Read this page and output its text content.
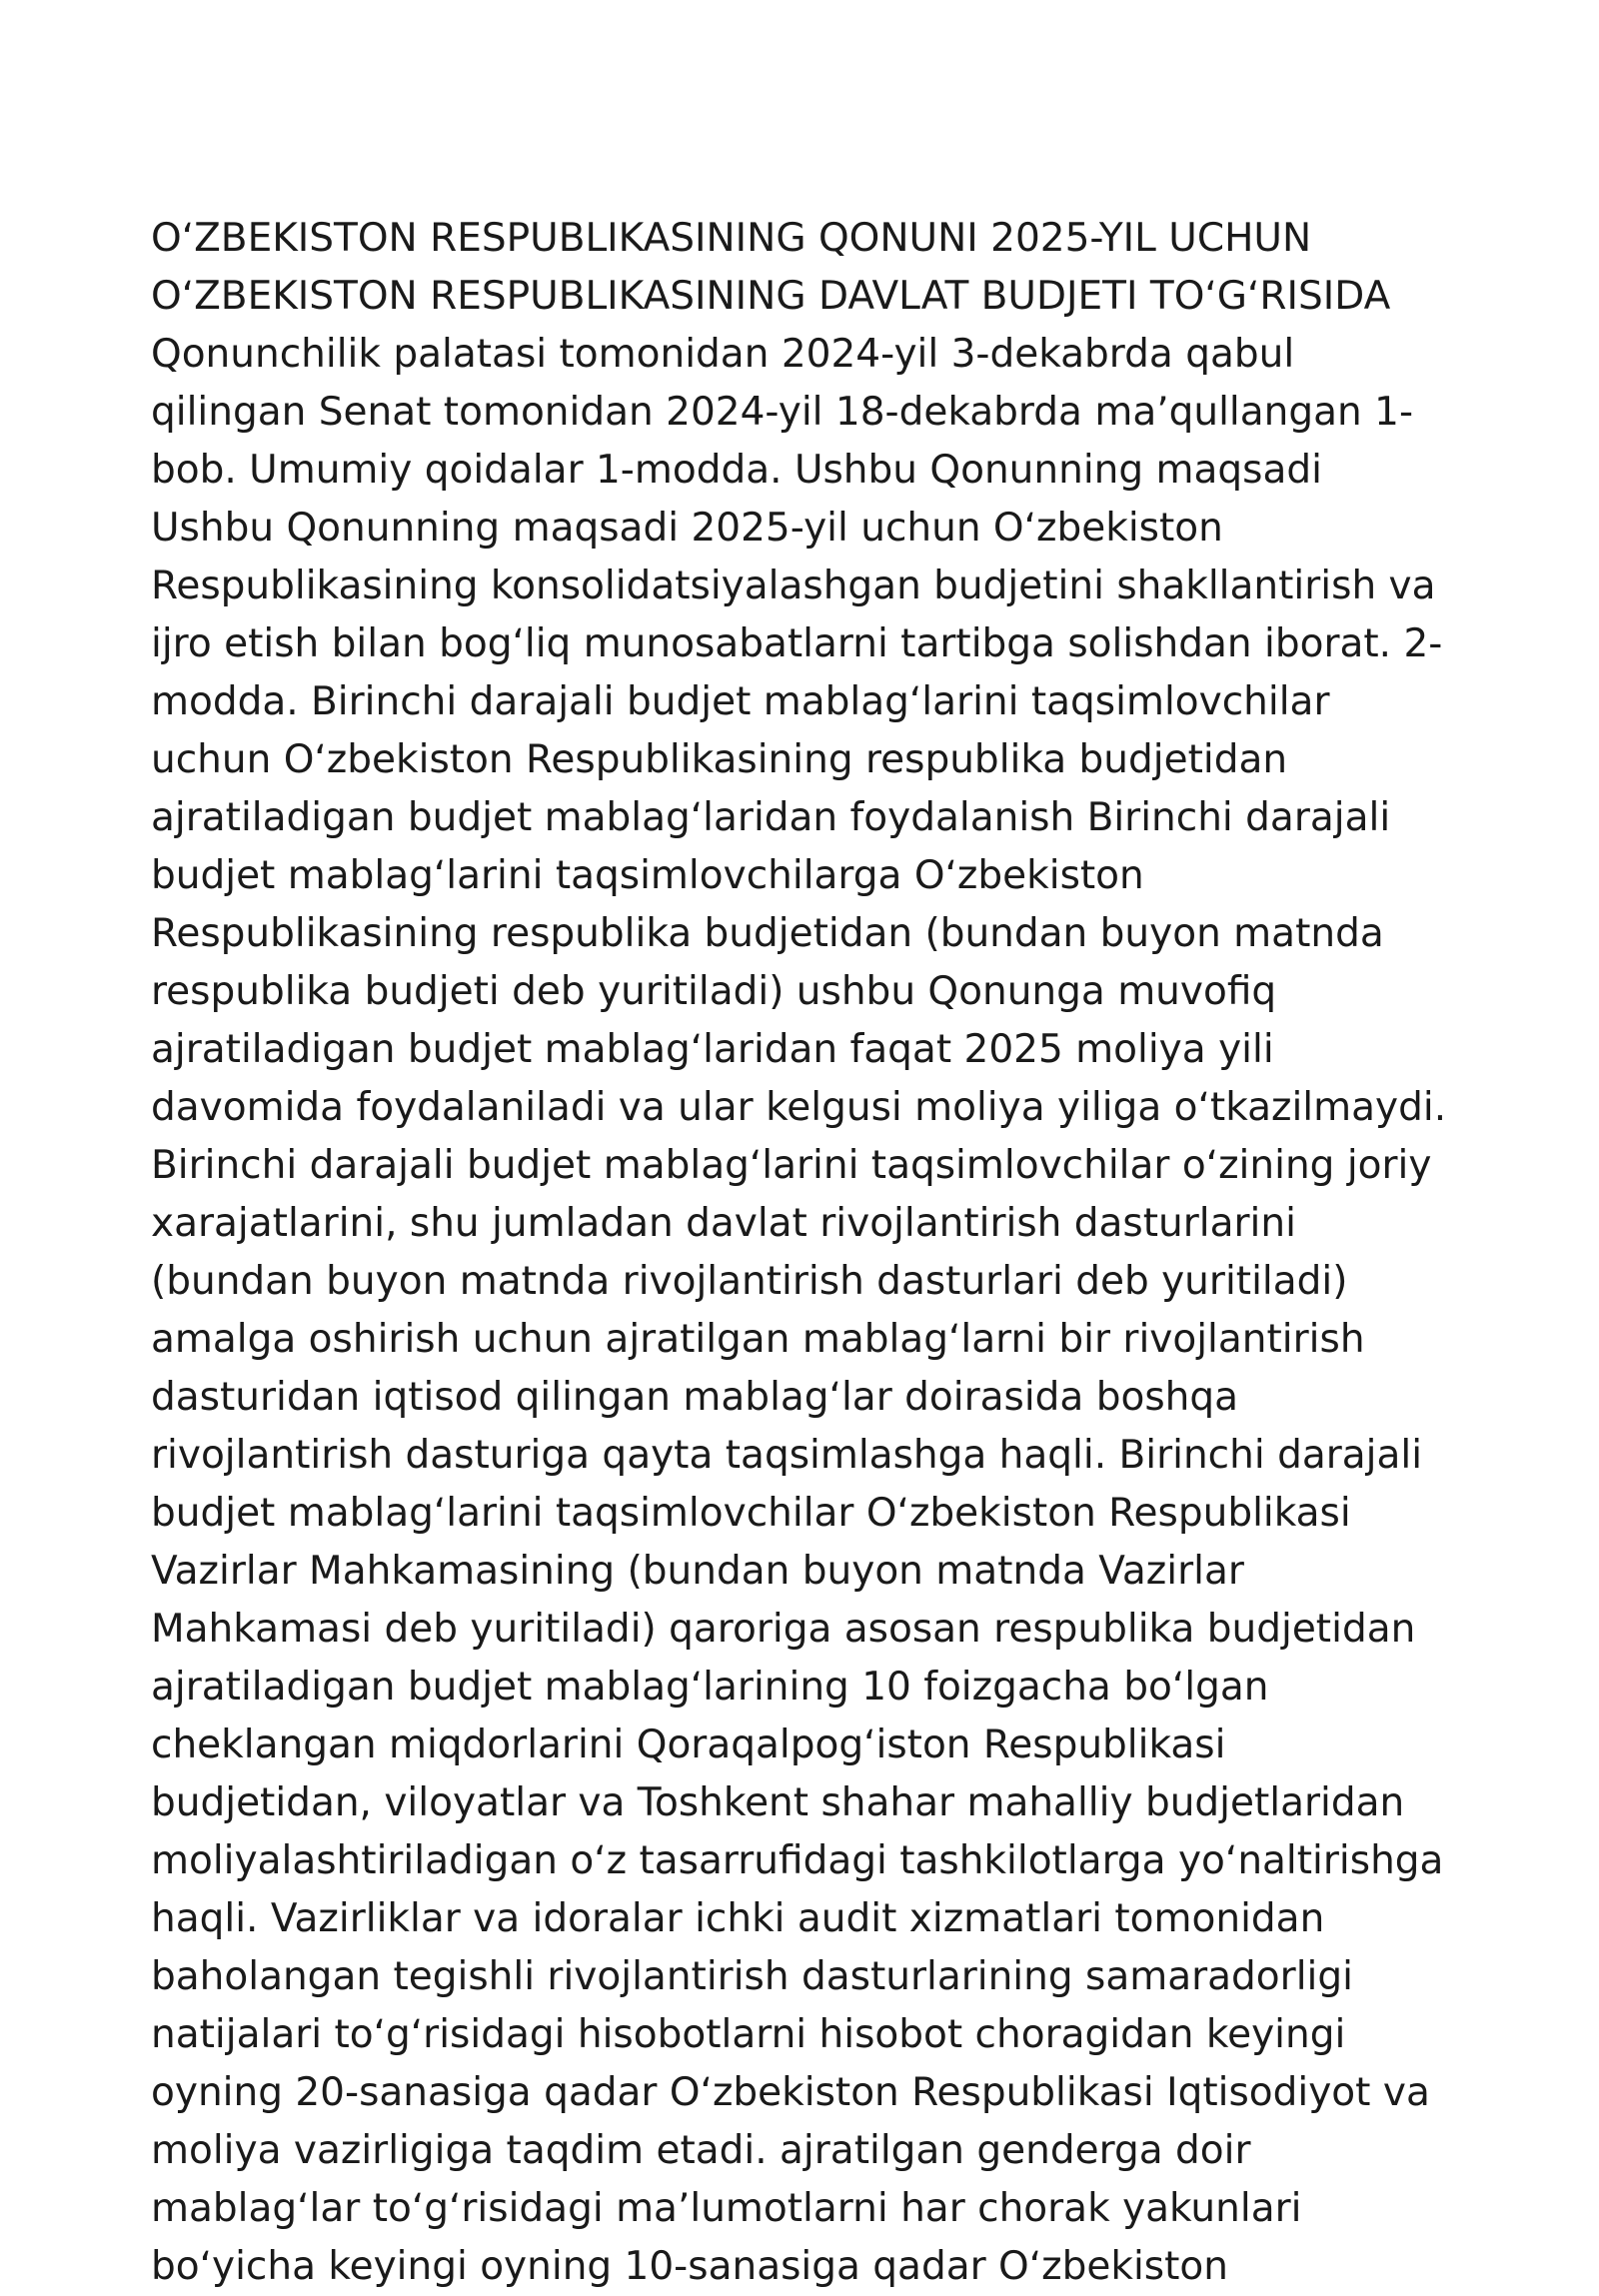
O‘ZBEKISTON RESPUBLIKASINING QONUNI 2025-YIL UCHUN
O‘ZBEKISTON RESPUBLIKASINING DAVLAT BUDJETI TO‘G‘RISIDA
Qonunchilik palatasi tomonidan 2024-yil 3-dekabrda qabul
qilingan Senat tomonidan 2024-yil 18-dekabrda ma’qullangan 1-
bob. Umumiy qoidalar 1-modda. Ushbu Qonunning maqsadi
Ushbu Qonunning maqsadi 2025-yil uchun O‘zbekiston
Respublikasining konsolidatsiyalashgan budjetini shakllantirish va
ijro etish bilan bog‘liq munosabatlarni tartibga solishdan iborat. 2-
modda. Birinchi darajali budjet mablag‘larini taqsimlovchilar
uchun O‘zbekiston Respublikasining respublika budjetidan
ajratiladigan budjet mablag‘laridan foydalanish Birinchi darajali
budjet mablag‘larini taqsimlovchilarga O‘zbekiston
Respublikasining respublika budjetidan (bundan buyon matnda
respublika budjeti deb yuritiladi) ushbu Qonunga muvofiq
ajratiladigan budjet mablag‘laridan faqat 2025 moliya yili
davomida foydalaniladi va ular kelgusi moliya yiliga o‘tkazilmaydi.
Birinchi darajali budjet mablag‘larini taqsimlovchilar o‘zining joriy
xarajatlarini, shu jumladan davlat rivojlantirish dasturlarini
(bundan buyon matnda rivojlantirish dasturlari deb yuritiladi)
amalga oshirish uchun ajratilgan mablag‘larni bir rivojlantirish
dasturidan iqtisod qilingan mablag‘lar doirasida boshqa
rivojlantirish dasturiga qayta taqsimlashga haqli. Birinchi darajali
budjet mablag‘larini taqsimlovchilar O‘zbekiston Respublikasi
Vazirlar Mahkamasining (bundan buyon matnda Vazirlar
Mahkamasi deb yuritiladi) qaroriga asosan respublika budjetidan
ajratiladigan budjet mablag‘larining 10 foizgacha bo‘lgan
cheklangan miqdorlarini Qoraqalpog‘iston Respublikasi
budjetidan, viloyatlar va Toshkent shahar mahalliy budjetlaridan
moliyalashtiriladigan o‘z tasarrufidagi tashkilotlarga yo‘naltirishga
haqli. Vazirliklar va idoralar ichki audit xizmatlari tomonidan
baholangan tegishli rivojlantirish dasturlarining samaradorligi
natijalari to‘g‘risidagi hisobotlarni hisobot choragidan keyingi
oyning 20-sanasiga qadar O‘zbekiston Respublikasi Iqtisodiyot va
moliya vazirligiga taqdim etadi. ajratilgan genderga doir
mablag‘lar to‘g‘risidagi ma’lumotlarni har chorak yakunlari
bo‘yicha keyingi oyning 10-sanasiga qadar O‘zbekiston
